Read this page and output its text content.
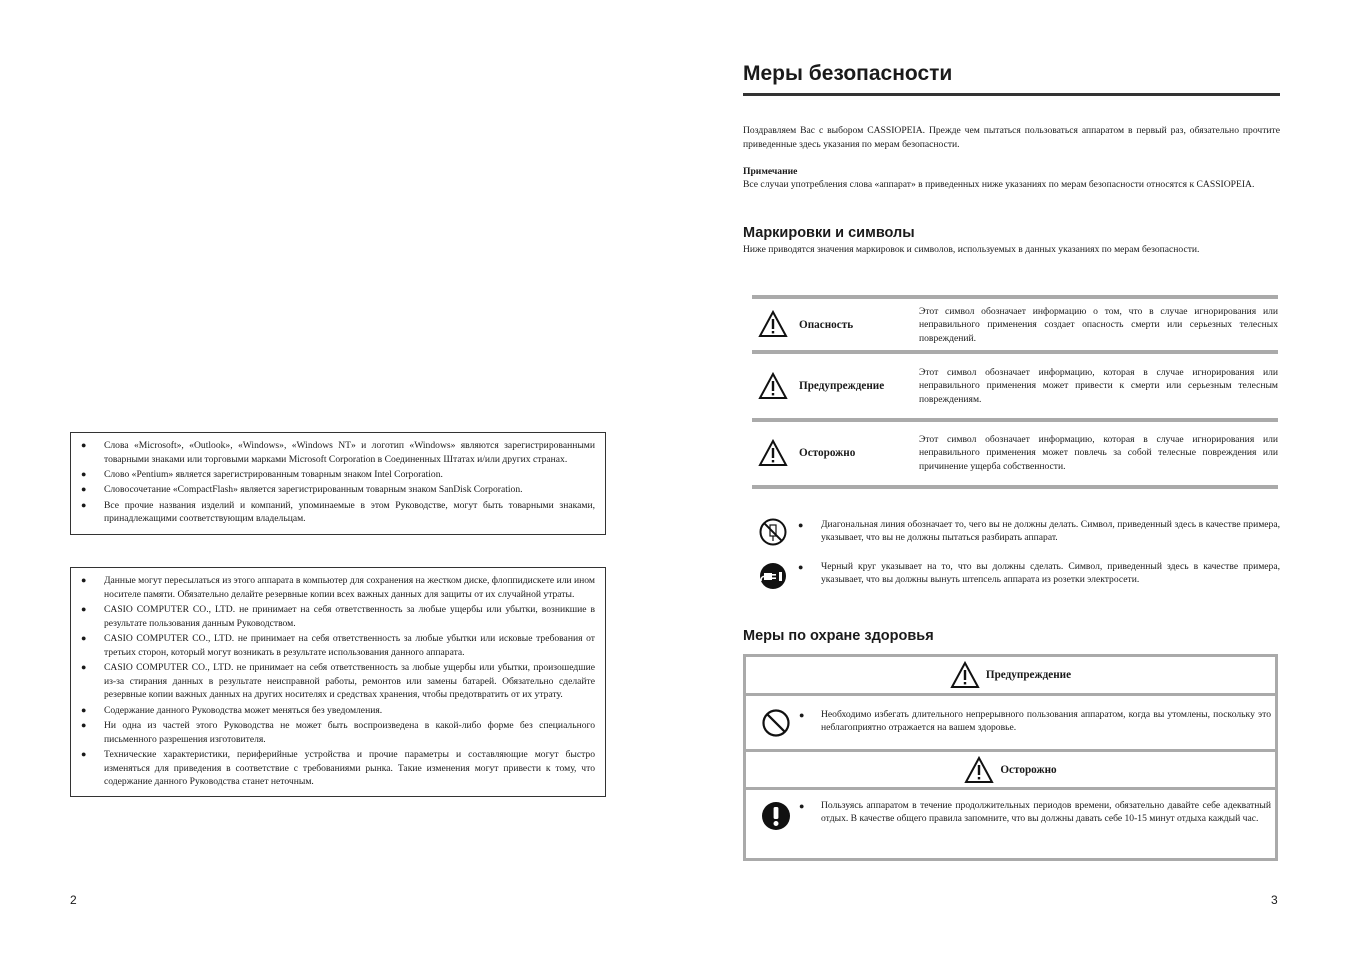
● Слова «Microsoft», «Outlook», «Windows», «Windows NT» и логотип «Windows» являются зарегистрированными товарными знаками или торговыми марками Microsoft Corporation в Соединенных Штатах и/или других странах.
● Слово «Pentium» является зарегистрированным товарным знаком Intel Corporation.
● Словосочетание «CompactFlash» является зарегистрированным товарным знаком SanDisk Corporation.
● Все прочие названия изделий и компаний, упоминаемые в этом Руководстве, могут быть товарными знаками, принадлежащими соответствующим владельцам.
● Данные могут пересылаться из этого аппарата в компьютер для сохранения на жестком диске, флоппидискете или ином носителе памяти. Обязательно делайте резервные копии всех важных данных для защиты от их случайной утраты.
● CASIO COMPUTER CO., LTD. не принимает на себя ответственность за любые ущербы или убытки, возникшие в результате пользования данным Руководством.
● CASIO COMPUTER CO., LTD. не принимает на себя ответственность за любые убытки или исковые требования от третьих сторон, который могут возникать в результате использования данного аппарата.
● CASIO COMPUTER CO., LTD. не принимает на себя ответственность за любые ущербы или убытки, произошедшие из-за стирания данных в результате неисправной работы, ремонтов или замены батарей. Обязательно сделайте резервные копии важных данных на других носителях и средствах хранения, чтобы предотвратить от их утрату.
● Содержание данного Руководства может меняться без уведомления.
● Ни одна из частей этого Руководства не может быть воспроизведена в какой-либо форме без специального письменного разрешения изготовителя.
● Технические характеристики, периферийные устройства и прочие параметры и составляющие могут быстро изменяться для приведения в соответствие с требованиями рынка. Такие изменения могут привести к тому, что содержание данного Руководства станет неточным.
2
Меры безопасности
Поздравляем Вас с выбором CASSIOPEIA. Прежде чем пытаться пользоваться аппаратом в первый раз, обязательно прочтите приведенные здесь указания по мерам безопасности.
Примечание
Все случаи употребления слова «аппарат» в приведенных ниже указаниях по мерам безопасности относятся к CASSIOPEIA.
Маркировки и символы
Ниже приводятся значения маркировок и символов, используемых в данных указаниях по мерам безопасности.
Опасность
Этот символ обозначает информацию о том, что в случае игнорирования или неправильного применения создает опасность смерти или серьезных телесных повреждений.
Предупреждение
Этот символ обозначает информацию, которая в случае игнорирования или неправильного применения может привести к смерти или серьезным телесным повреждениям.
Осторожно
Этот символ обозначает информацию, которая в случае игнорирования или неправильного применения может повлечь за собой телесные повреждения или причинение ущерба собственности.
● Диагональная линия обозначает то, чего вы не должны делать. Символ, приведенный здесь в качестве примера, указывает, что вы не должны пытаться разбирать аппарат.
● Черный круг указывает на то, что вы должны сделать. Символ, приведенный здесь в качестве примера, указывает, что вы должны вынуть штепсель аппарата из розетки электросети.
Меры по охране здоровья
Предупреждение
● Необходимо избегать длительного непрерывного пользования аппаратом, когда вы утомлены, поскольку это неблагоприятно отражается на вашем здоровье.
Осторожно
● Пользуясь аппаратом в течение продолжительных периодов времени, обязательно давайте себе адекватный отдых. В качестве общего правила запомните, что вы должны давать себе 10-15 минут отдыха каждый час.
3
